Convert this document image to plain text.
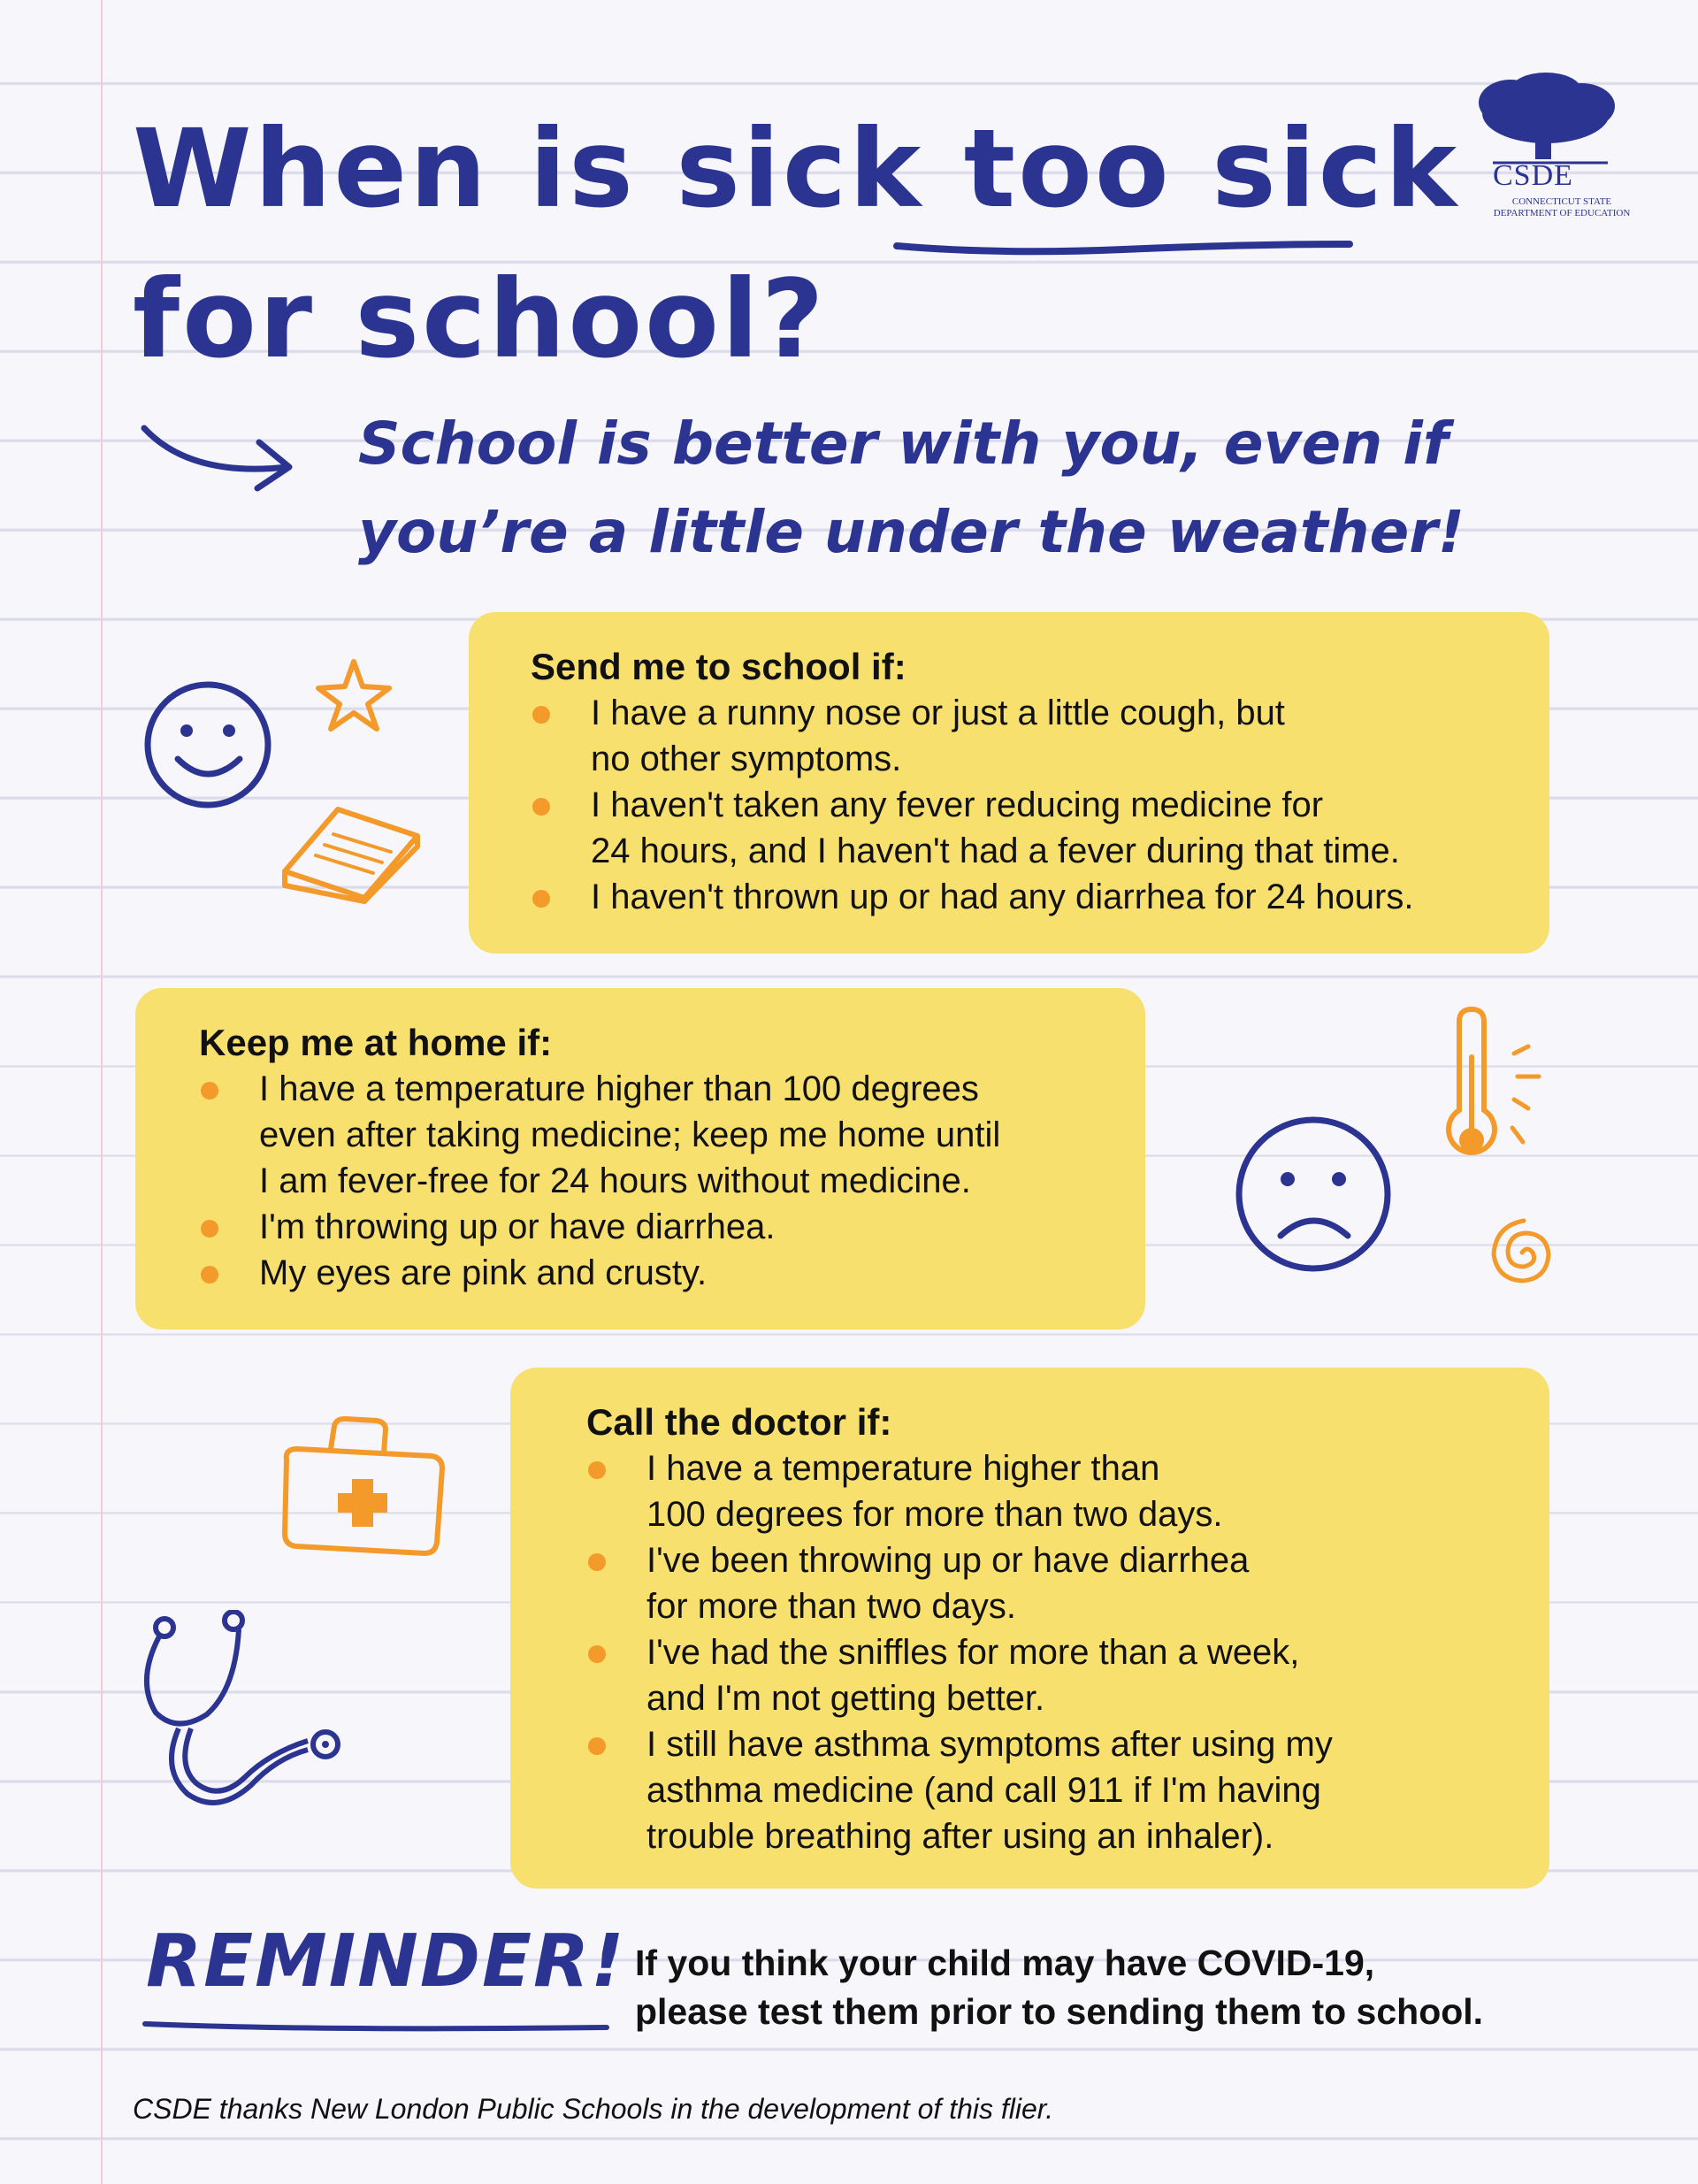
When is sick too sick
for school?

School is better with you, even if
you’re a little under the weather!

CSDE
CONNECTICUT STATE
DEPARTMENT OF EDUCATION
Send me to school if:
I have a runny nose or just a little cough, but
no other symptoms.
I haven't taken any fever reducing medicine for
24 hours, and I haven't had a fever during that time.
I haven't thrown up or had any diarrhea for 24 hours.
Keep me at home if:
I have a temperature higher than 100 degrees
even after taking medicine; keep me home until
I am fever-free for 24 hours without medicine.
I'm throwing up or have diarrhea.
My eyes are pink and crusty.
Call the doctor if:
I have a temperature higher than
100 degrees for more than two days.
I've been throwing up or have diarrhea
for more than two days.
I've had the sniffles for more than a week,
and I'm not getting better.
I still have asthma symptoms after using my
asthma medicine (and call 911 if I'm having
trouble breathing after using an inhaler).

REMINDER! If you think your child may have COVID-19,
please test them prior to sending them to school.

CSDE thanks New London Public Schools in the development of this flier.
